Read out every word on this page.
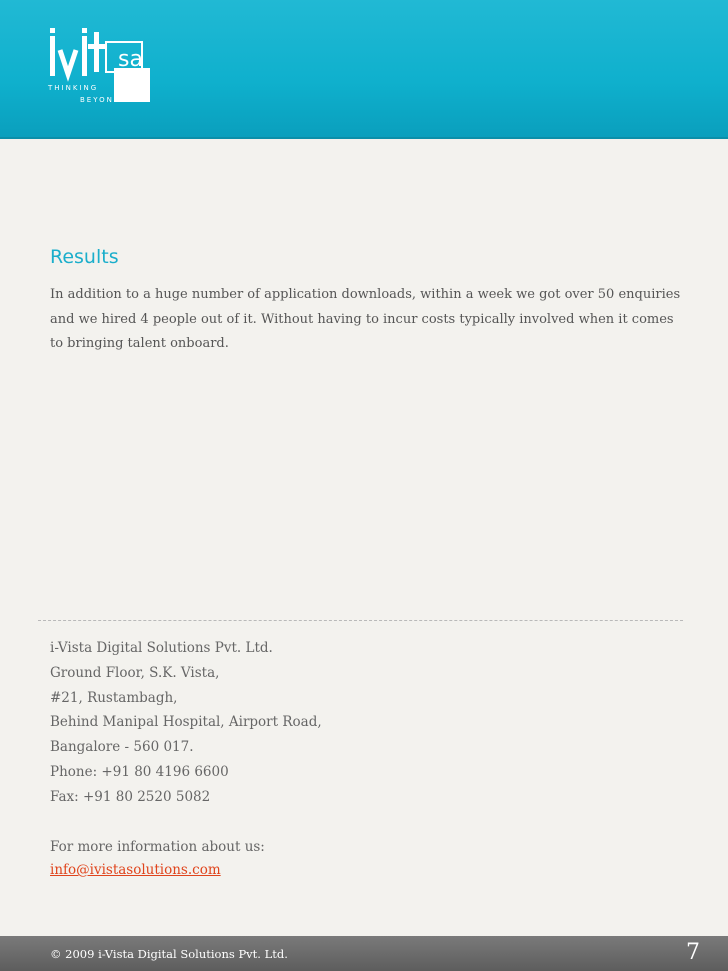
sa
THINKING
BEYOND
Results

In addition to a huge number of application downloads, within a week we got over 50 enquiries and we hired 4 people out of it. Without having to incur costs typically involved when it comes to bringing talent onboard.

i-Vista Digital Solutions Pvt. Ltd.
Ground Floor, S.K. Vista,
#21, Rustambagh,
Behind Manipal Hospital, Airport Road,
Bangalore - 560 017.
Phone: +91 80 4196 6600
Fax: +91 80 2520 5082
For more information about us:
info@ivistasolutions.com
© 2009 i-Vista Digital Solutions Pvt. Ltd.	7
